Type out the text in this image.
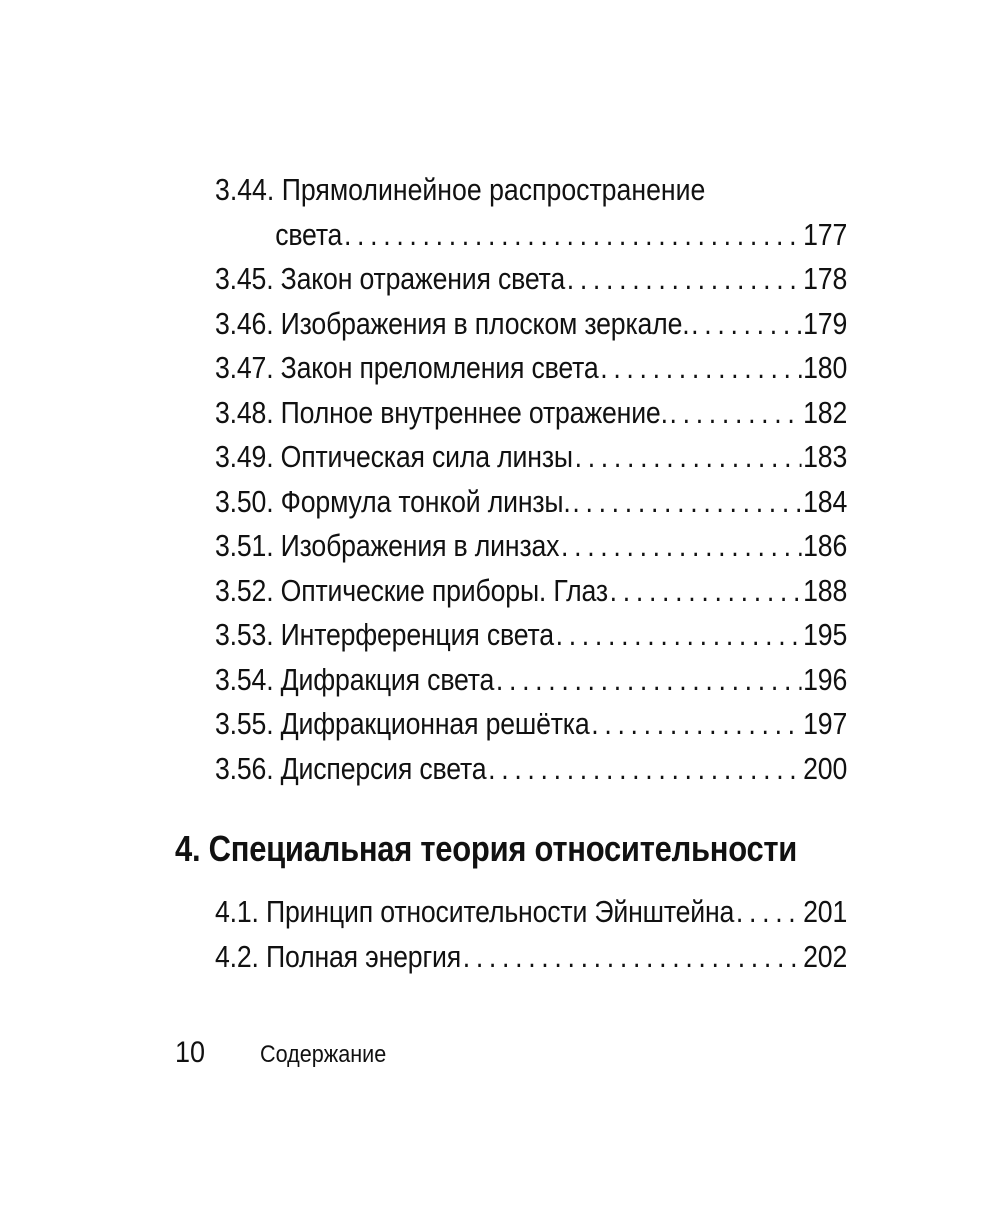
3.44. Прямолинейное распространение
света . . .	177
3.45. Закон отражения света . . .	178
3.46. Изображения в плоском зеркале. . . .	179
3.47. Закон преломления света . . .	180
3.48. Полное внутреннее отражение. . . .	182
3.49. Оптическая сила линзы . . .	183
3.50. Формула тонкой линзы. . . .	184
3.51. Изображения в линзах . . .	186
3.52. Оптические приборы. Глаз . . .	188
3.53. Интерференция света . . .	195
3.54. Дифракция света . . .	196
3.55. Дифракционная решётка . . .	197
3.56. Дисперсия света . . .	200
4. Специальная теория относительности
4.1. Принцип относительности Эйнштейна . . . 201
4.2. Полная энергия . . .	202
10 Содержание
